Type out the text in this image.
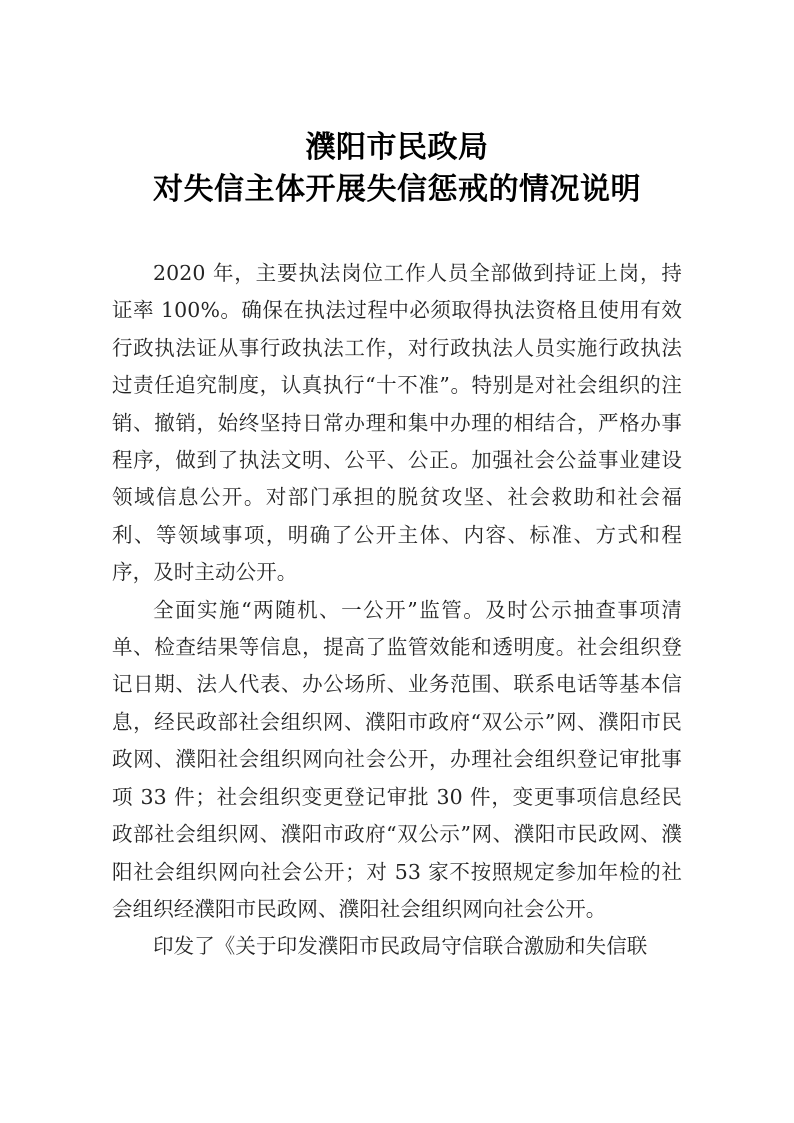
濮阳市民政局
对失信主体开展失信惩戒的情况说明

2020 年，主要执法岗位工作人员全部做到持证上岗，持证率 100%。确保在执法过程中必须取得执法资格且使用有效行政执法证从事行政执法工作，对行政执法人员实施行政执法过责任追究制度，认真执行“十不准”。特别是对社会组织的注销、撤销，始终坚持日常办理和集中办理的相结合，严格办事程序，做到了执法文明、公平、公正。加强社会公益事业建设领域信息公开。对部门承担的脱贫攻坚、社会救助和社会福利、等领域事项，明确了公开主体、内容、标准、方式和程序，及时主动公开。

全面实施“两随机、一公开”监管。及时公示抽查事项清单、检查结果等信息，提高了监管效能和透明度。社会组织登记日期、法人代表、办公场所、业务范围、联系电话等基本信息，经民政部社会组织网、濮阳市政府“双公示”网、濮阳市民政网、濮阳社会组织网向社会公开，办理社会组织登记审批事项 33 件；社会组织变更登记审批 30 件，变更事项信息经民政部社会组织网、濮阳市政府“双公示”网、濮阳市民政网、濮阳社会组织网向社会公开；对 53 家不按照规定参加年检的社会组织经濮阳市民政网、濮阳社会组织网向社会公开。

印发了《关于印发濮阳市民政局守信联合激励和失信联
